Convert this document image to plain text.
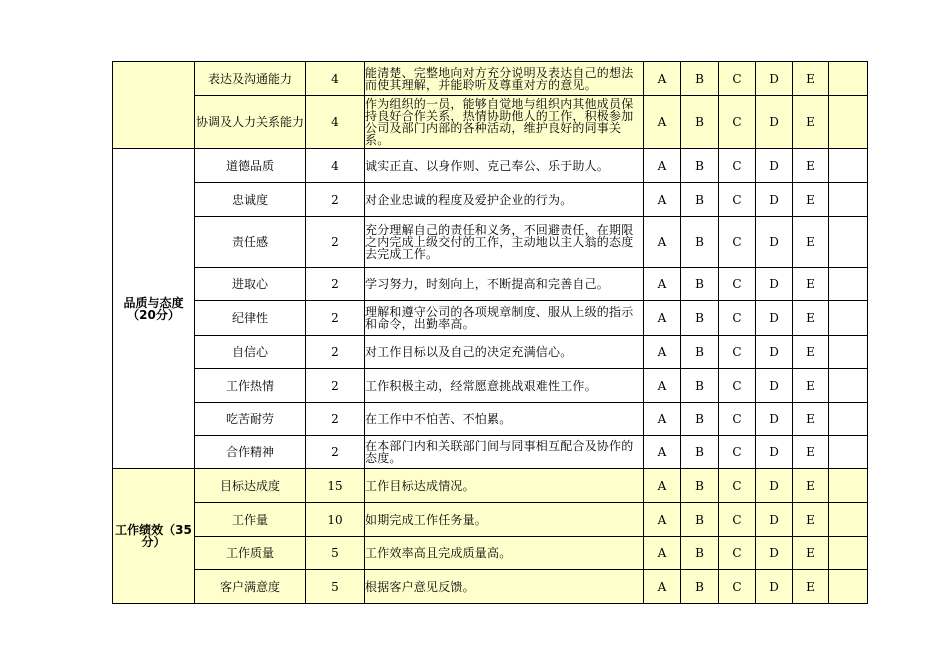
	表达及沟通能力	4	能清楚、完整地向对方充分说明及表达自己的想法而使其理解，并能聆听及尊重对方的意见。	A	B	C	D	E	
	协调及人力关系能力	4	作为组织的一员，能够自觉地与组织内其他成员保持良好合作关系，热情协助他人的工作，积极参加公司及部门内部的各种活动，维护良好的同事关系。	A	B	C	D	E	
品质与态度（20分）	道德品质	4	诚实正直、以身作则、克己奉公、乐于助人。	A	B	C	D	E	
	忠诚度	2	对企业忠诚的程度及爱护企业的行为。	A	B	C	D	E	
	责任感	2	充分理解自己的责任和义务，不回避责任，在期限之内完成上级交付的工作，主动地以主人翁的态度去完成工作。	A	B	C	D	E	
	进取心	2	学习努力，时刻向上，不断提高和完善自己。	A	B	C	D	E	
	纪律性	2	理解和遵守公司的各项规章制度、服从上级的指示和命令，出勤率高。	A	B	C	D	E	
	自信心	2	对工作目标以及自己的决定充满信心。	A	B	C	D	E	
	工作热情	2	工作积极主动，经常愿意挑战艰难性工作。	A	B	C	D	E	
	吃苦耐劳	2	在工作中不怕苦、不怕累。	A	B	C	D	E	
	合作精神	2	在本部门内和关联部门间与同事相互配合及协作的态度。	A	B	C	D	E	
工作绩效（35分）	目标达成度	15	工作目标达成情况。	A	B	C	D	E	
	工作量	10	如期完成工作任务量。	A	B	C	D	E	
	工作质量	5	工作效率高且完成质量高。	A	B	C	D	E	
	客户满意度	5	根据客户意见反馈。	A	B	C	D	E	
